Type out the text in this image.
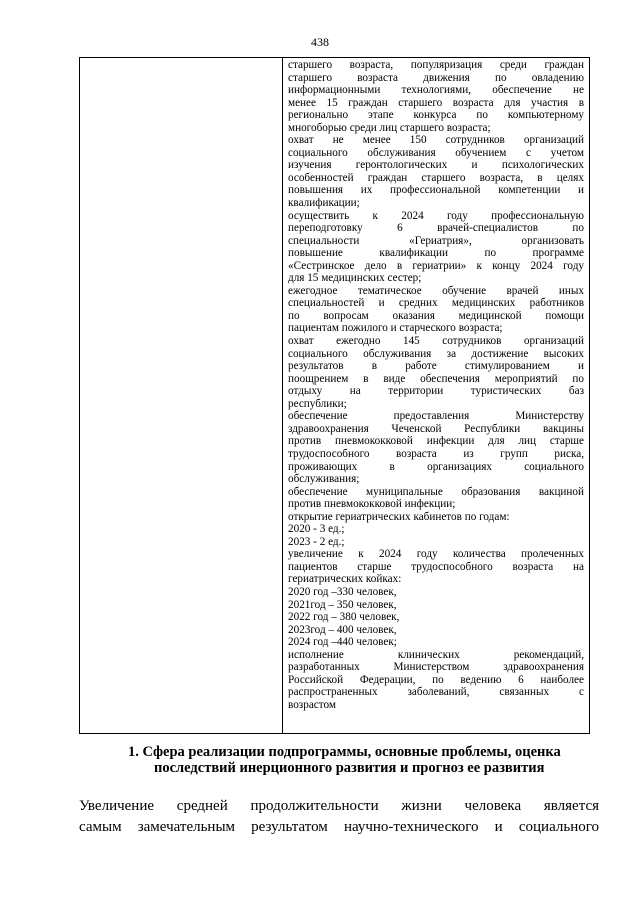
438
старшего возраста, популяризация среди граждан
старшего возраста движения по овладению
информационными технологиями, обеспечение не
менее 15 граждан старшего возраста для участия в
регионально этапе конкурса по компьютерному
многоборью среди лиц старшего возраста;
охват не менее 150 сотрудников организаций
социального обслуживания обучением с учетом
изучения геронтологических и психологических
особенностей граждан старшего возраста, в целях
повышения их профессиональной компетенции и
квалификации;
осуществить к 2024 году профессиональную
переподготовку 6 врачей-специалистов по
специальности «Гериатрия», организовать
повышение квалификации по программе
«Сестринское дело в гериатрии» к концу 2024 году
для 15 медицинских сестер;
ежегодное тематическое обучение врачей иных
специальностей и средних медицинских работников
по вопросам оказания медицинской помощи
пациентам пожилого и старческого возраста;
охват ежегодно 145 сотрудников организаций
социального обслуживания за достижение высоких
результатов в работе стимулированием и
поощрением в виде обеспечения мероприятий по
отдыху на территории туристических баз
республики;
обеспечение предоставления Министерству
здравоохранения Чеченской Республики вакцины
против пневмококковой инфекции для лиц старше
трудоспособного возраста из групп риска,
проживающих в организациях социального
обслуживания;
обеспечение муниципальные образования вакциной
против пневмококковой инфекции;
открытие гериатрических кабинетов по годам:
2020 - 3 ед.;
2023 - 2 ед.;
увеличение к 2024 году количества пролеченных
пациентов старше трудоспособного возраста на
гериатрических койках:
2020 год –330 человек,
2021год – 350 человек,
2022 год – 380 человек,
2023год – 400 человек,
2024 год –440 человек;
исполнение клинических рекомендаций,
разработанных Министерством здравоохранения
Российской Федерации, по ведению 6 наиболее
распространенных заболеваний, связанных с
возрастом
1. Сфера реализации подпрограммы, основные проблемы, оценка
последствий инерционного развития и прогноз ее развития
Увеличение средней продолжительности жизни человека является
самым замечательным результатом научно-технического и социального
